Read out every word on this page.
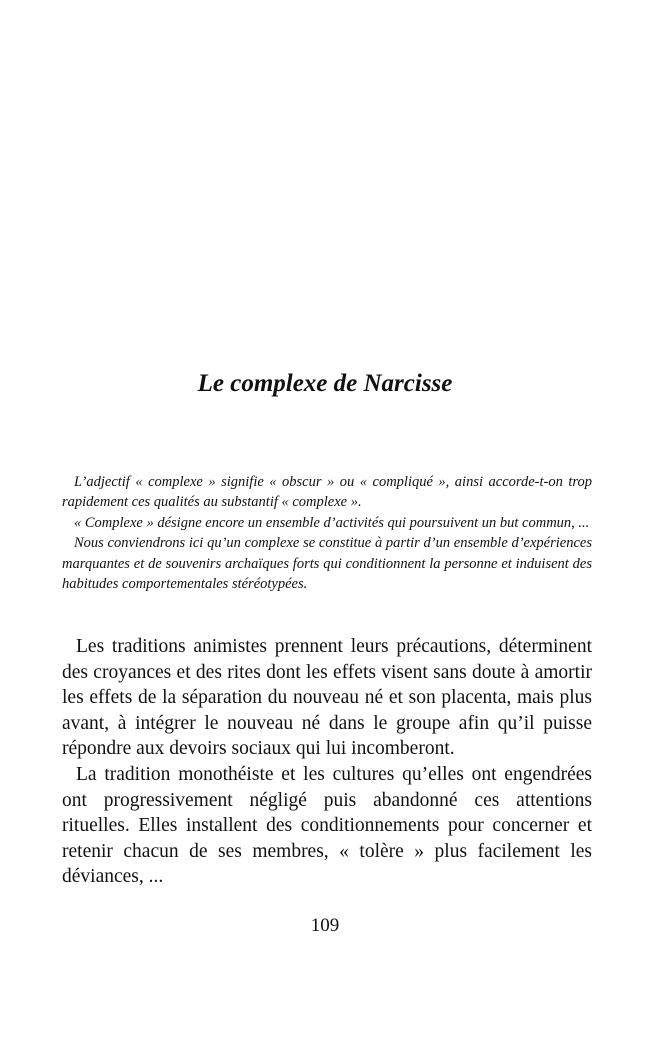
Le complexe de Narcisse

L’adjectif « complexe » signifie « obscur » ou « compliqué », ainsi accorde-t-on trop rapidement ces qualités au substantif « complexe ».

« Complexe » désigne encore un ensemble d’activités qui poursuivent un but commun, ...

Nous conviendrons ici qu’un complexe se constitue à partir d’un ensemble d’expériences marquantes et de souvenirs archaïques forts qui conditionnent la personne et induisent des habitudes comportementales stéréotypées.

Les traditions animistes prennent leurs précautions, déterminent des croyances et des rites dont les effets visent sans doute à amortir les effets de la séparation du nouveau né et son placenta, mais plus avant, à intégrer le nouveau né dans le groupe afin qu’il puisse répondre aux devoirs sociaux qui lui incomberont.

La tradition monothéiste et les cultures qu’elles ont engendrées ont progressivement négligé puis abandonné ces attentions rituelles. Elles installent des conditionnements pour concerner et retenir chacun de ses membres, « tolère » plus facilement les déviances, ...

109
